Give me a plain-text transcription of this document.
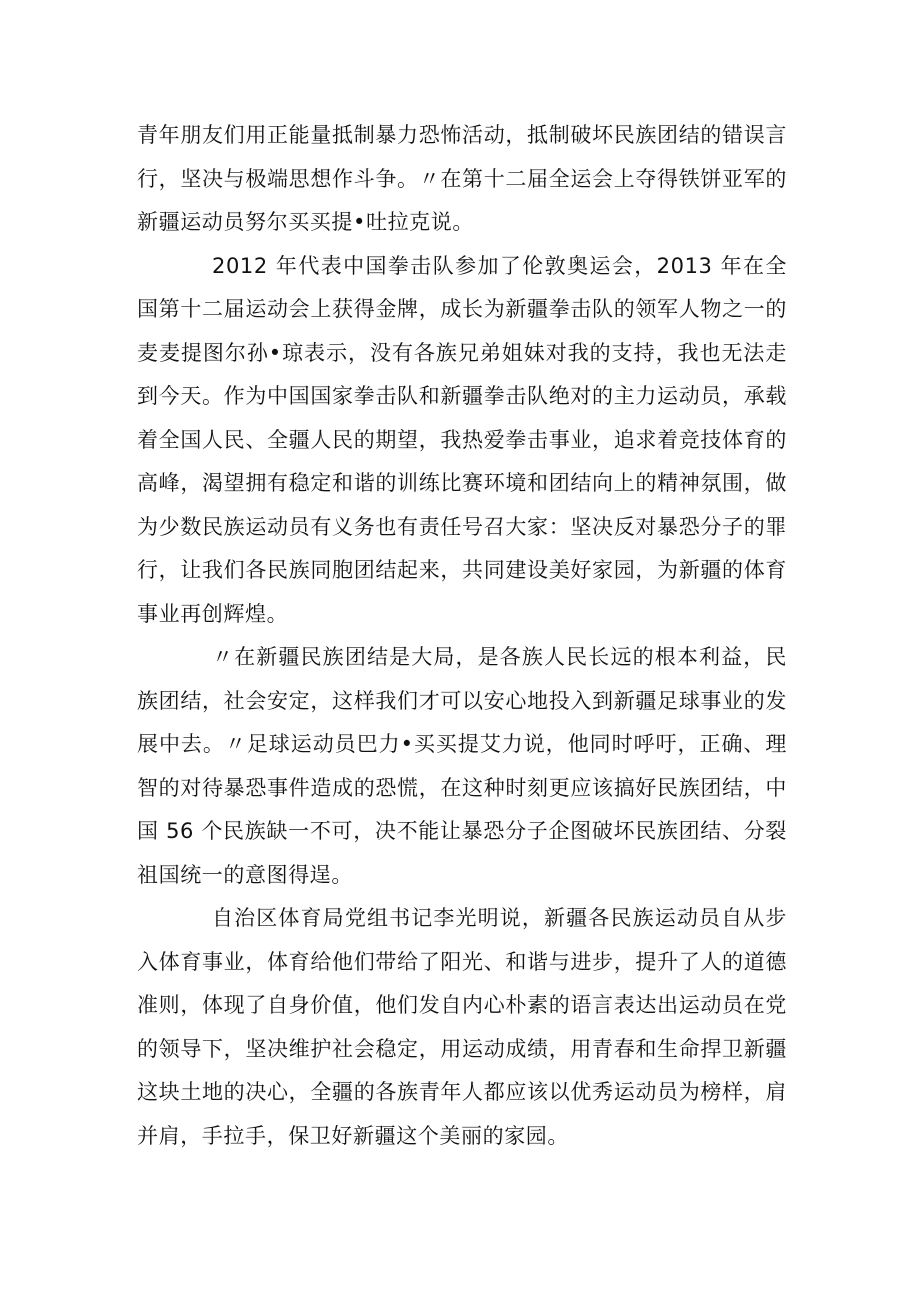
青年朋友们用正能量抵制暴力恐怖活动，抵制破坏民族团结的错误言行，坚决与极端思想作斗争。〃在第十二届全运会上夺得铁饼亚军的新疆运动员努尔买买提•吐拉克说。

2012 年代表中国拳击队参加了伦敦奥运会，2013 年在全国第十二届运动会上获得金牌，成长为新疆拳击队的领军人物之一的麦麦提图尔孙•琼表示，没有各族兄弟姐妹对我的支持，我也无法走到今天。作为中国国家拳击队和新疆拳击队绝对的主力运动员，承载着全国人民、全疆人民的期望，我热爱拳击事业，追求着竞技体育的高峰，渴望拥有稳定和谐的训练比赛环境和团结向上的精神氛围，做为少数民族运动员有义务也有责任号召大家：坚决反对暴恐分子的罪行，让我们各民族同胞团结起来，共同建设美好家园，为新疆的体育事业再创辉煌。

〃在新疆民族团结是大局，是各族人民长远的根本利益，民族团结，社会安定，这样我们才可以安心地投入到新疆足球事业的发展中去。〃足球运动员巴力•买买提艾力说，他同时呼吁，正确、理智的对待暴恐事件造成的恐慌，在这种时刻更应该搞好民族团结，中国 56 个民族缺一不可，决不能让暴恐分子企图破坏民族团结、分裂祖国统一的意图得逞。

自治区体育局党组书记李光明说，新疆各民族运动员自从步入体育事业，体育给他们带给了阳光、和谐与进步，提升了人的道德准则，体现了自身价值，他们发自内心朴素的语言表达出运动员在党的领导下，坚决维护社会稳定，用运动成绩，用青春和生命捍卫新疆这块土地的决心，全疆的各族青年人都应该以优秀运动员为榜样，肩并肩，手拉手，保卫好新疆这个美丽的家园。
